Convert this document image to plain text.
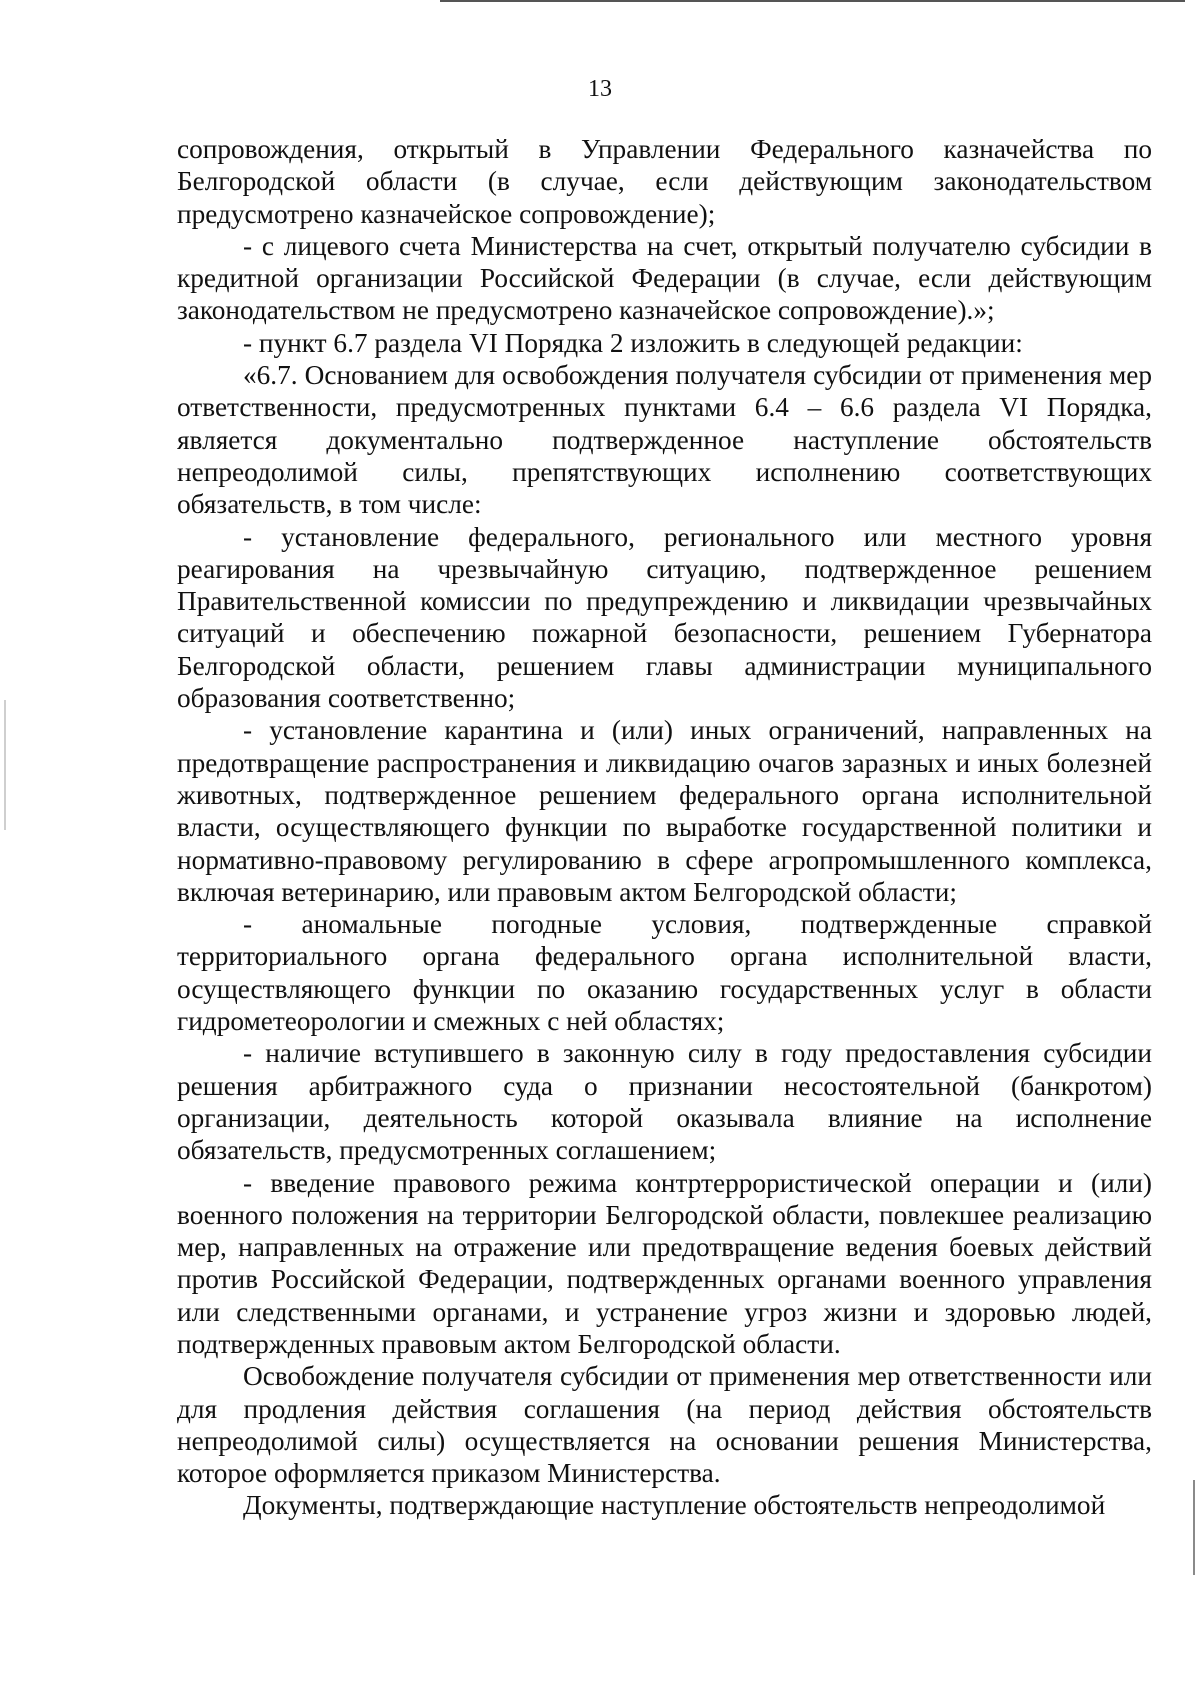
13

сопровождения, открытый в Управлении Федерального казначейства по Белгородской области (в случае, если действующим законодательством предусмотрено казначейское сопровождение);

- с лицевого счета Министерства на счет, открытый получателю субсидии в кредитной организации Российской Федерации (в случае, если действующим законодательством не предусмотрено казначейское сопровождение).»;

- пункт 6.7 раздела VI Порядка 2 изложить в следующей редакции:

«6.7. Основанием для освобождения получателя субсидии от применения мер ответственности, предусмотренных пунктами 6.4 – 6.6 раздела VI Порядка, является документально подтвержденное наступление обстоятельств непреодолимой силы, препятствующих исполнению соответствующих обязательств, в том числе:

- установление федерального, регионального или местного уровня реагирования на чрезвычайную ситуацию, подтвержденное решением Правительственной комиссии по предупреждению и ликвидации чрезвычайных ситуаций и обеспечению пожарной безопасности, решением Губернатора Белгородской области, решением главы администрации муниципального образования соответственно;

- установление карантина и (или) иных ограничений, направленных на предотвращение распространения и ликвидацию очагов заразных и иных болезней животных, подтвержденное решением федерального органа исполнительной власти, осуществляющего функции по выработке государственной политики и нормативно-правовому регулированию в сфере агропромышленного комплекса, включая ветеринарию, или правовым актом Белгородской области;

- аномальные погодные условия, подтвержденные справкой территориального органа федерального органа исполнительной власти, осуществляющего функции по оказанию государственных услуг в области гидрометеорологии и смежных с ней областях;

- наличие вступившего в законную силу в году предоставления субсидии решения арбитражного суда о признании несостоятельной (банкротом) организации, деятельность которой оказывала влияние на исполнение обязательств, предусмотренных соглашением;

- введение правового режима контртеррористической операции и (или) военного положения на территории Белгородской области, повлекшее реализацию мер, направленных на отражение или предотвращение ведения боевых действий против Российской Федерации, подтвержденных органами военного управления или следственными органами, и устранение угроз жизни и здоровью людей, подтвержденных правовым актом Белгородской области.

Освобождение получателя субсидии от применения мер ответственности или для продления действия соглашения (на период действия обстоятельств непреодолимой силы) осуществляется на основании решения Министерства, которое оформляется приказом Министерства.

Документы, подтверждающие наступление обстоятельств непреодолимой
